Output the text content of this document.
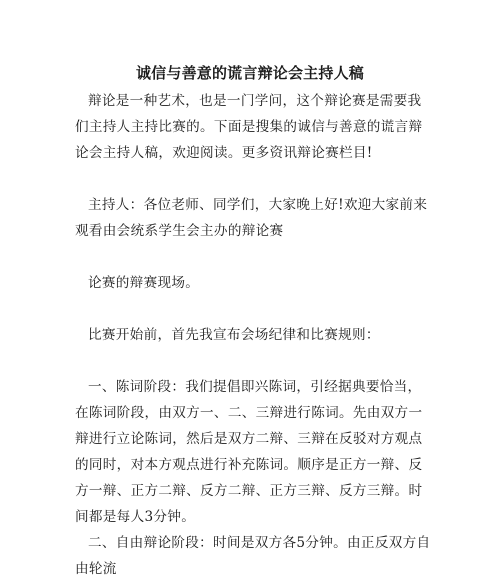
诚信与善意的谎言辩论会主持人稿
辩论是一种艺术，也是一门学问，这个辩论赛是需要我们主持人主持比赛的。下面是搜集的诚信与善意的谎言辩论会主持人稿，欢迎阅读。更多资讯辩论赛栏目!
主持人：各位老师、同学们，大家晚上好!欢迎大家前来观看由会统系学生会主办的辩论赛
论赛的辩赛现场。
比赛开始前，首先我宣布会场纪律和比赛规则：
一、陈词阶段：我们提倡即兴陈词，引经据典要恰当，在陈词阶段，由双方一、二、三辩进行陈词。先由双方一辩进行立论陈词，然后是双方二辩、三辩在反驳对方观点的同时，对本方观点进行补充陈词。顺序是正方一辩、反方一辩、正方二辩、反方二辩、正方三辩、反方三辩。时间都是每人3分钟。
二、自由辩论阶段：时间是双方各5分钟。由正反双方自由轮流
